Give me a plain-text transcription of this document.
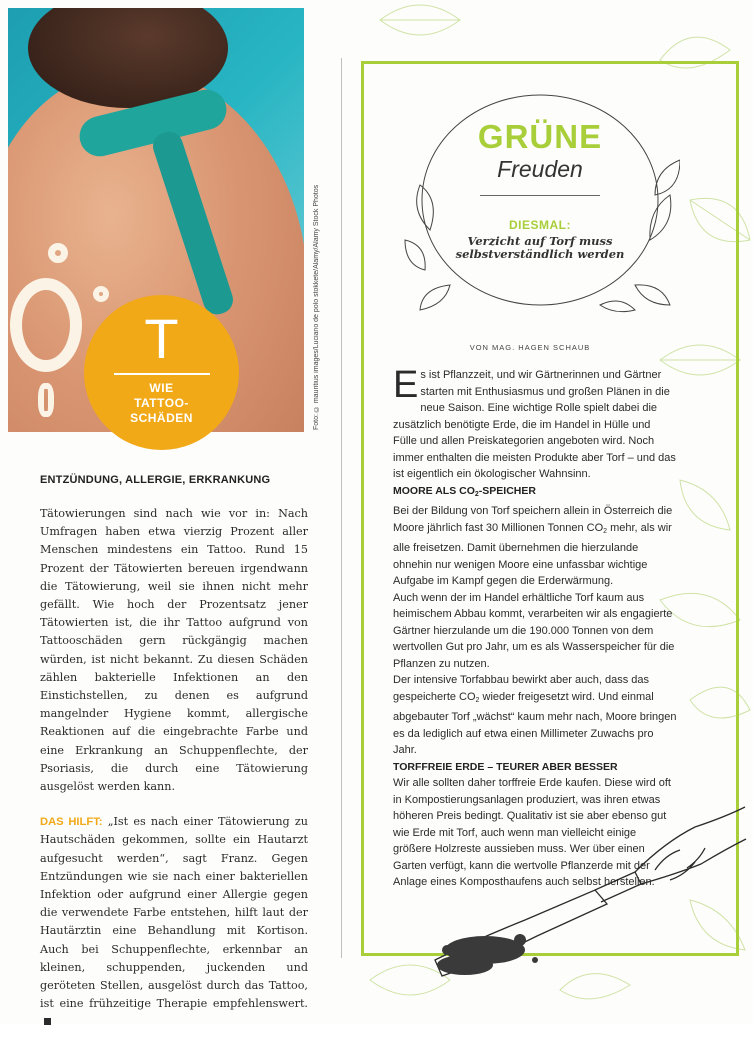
Foto: © mauritius images/Luciano de polo stokkete/Alamy/Alamy Stock Photos
T
WIE
TATTOO-
SCHÄDEN

ENTZÜNDUNG, ALLERGIE, ERKRANKUNG

Tätowierungen sind nach wie vor in: Nach Umfragen haben etwa vierzig Prozent aller Menschen mindestens ein Tattoo. Rund 15 Prozent der Tätowierten bereuen irgendwann die Tätowierung, weil sie ihnen nicht mehr gefällt. Wie hoch der Prozentsatz jener Tätowierten ist, die ihr Tattoo aufgrund von Tattooschäden gern rückgängig machen würden, ist nicht bekannt. Zu diesen Schäden zählen bakterielle Infektionen an den Einstichstellen, zu denen es aufgrund mangelnder Hygiene kommt, allergische Reaktionen auf die eingebrachte Farbe und eine Erkrankung an Schuppenflechte, der Psoriasis, die durch eine Tätowierung ausgelöst werden kann.

DAS HILFT: „Ist es nach einer Tätowierung zu Hautschäden gekommen, sollte ein Hautarzt aufgesucht werden“, sagt Franz. Gegen Entzündungen wie sie nach einer bakteriellen Infektion oder aufgrund einer Allergie gegen die verwendete Farbe entstehen, hilft laut der Hautärztin eine Behandlung mit Kortison. Auch bei Schuppenflechte, erkennbar an kleinen, schuppenden, juckenden und geröteten Stellen, ausgelöst durch das Tattoo, ist eine frühzeitige Therapie empfehlenswert.

GRÜNE
Freuden
DIESMAL:
Verzicht auf Torf muss selbstverständlich werden
VON MAG. HAGEN SCHAUB

Es ist Pflanzzeit, und wir Gärtnerinnen und Gärtner starten mit Enthusiasmus und großen Plänen in die neue Saison. Eine wichtige Rolle spielt dabei die zusätzlich benötigte Erde, die im Handel in Hülle und Fülle und allen Preiskategorien angeboten wird. Noch immer enthalten die meisten Produkte aber Torf – und das ist eigentlich ein ökologischer Wahnsinn.

MOORE ALS CO2-SPEICHER

Bei der Bildung von Torf speichern allein in Österreich die Moore jährlich fast 30 Millionen Tonnen CO2 mehr, als wir alle freisetzen. Damit übernehmen die hierzulande ohnehin nur wenigen Moore eine unfassbar wichtige Aufgabe im Kampf gegen die Erderwärmung.

Auch wenn der im Handel erhältliche Torf kaum aus heimischem Abbau kommt, verarbeiten wir als engagierte Gärtner hierzulande um die 190.000 Tonnen von dem wertvollen Gut pro Jahr, um es als Wasserspeicher für die Pflanzen zu nutzen.

Der intensive Torfabbau bewirkt aber auch, dass das gespeicherte CO2 wieder freigesetzt wird. Und einmal abgebauter Torf „wächst“ kaum mehr nach, Moore bringen es da lediglich auf etwa einen Millimeter Zuwachs pro Jahr.

TORFFREIE ERDE – TEURER ABER BESSER

Wir alle sollten daher torffreie Erde kaufen. Diese wird oft in Kompostierungsanlagen produziert, was ihren etwas höheren Preis bedingt. Qualitativ ist sie aber ebenso gut wie Erde mit Torf, auch wenn man vielleicht einige größere Holzreste aussieben muss. Wer über einen Garten verfügt, kann die wertvolle Pflanzerde mit der Anlage eines Komposthaufens auch selbst herstellen.
